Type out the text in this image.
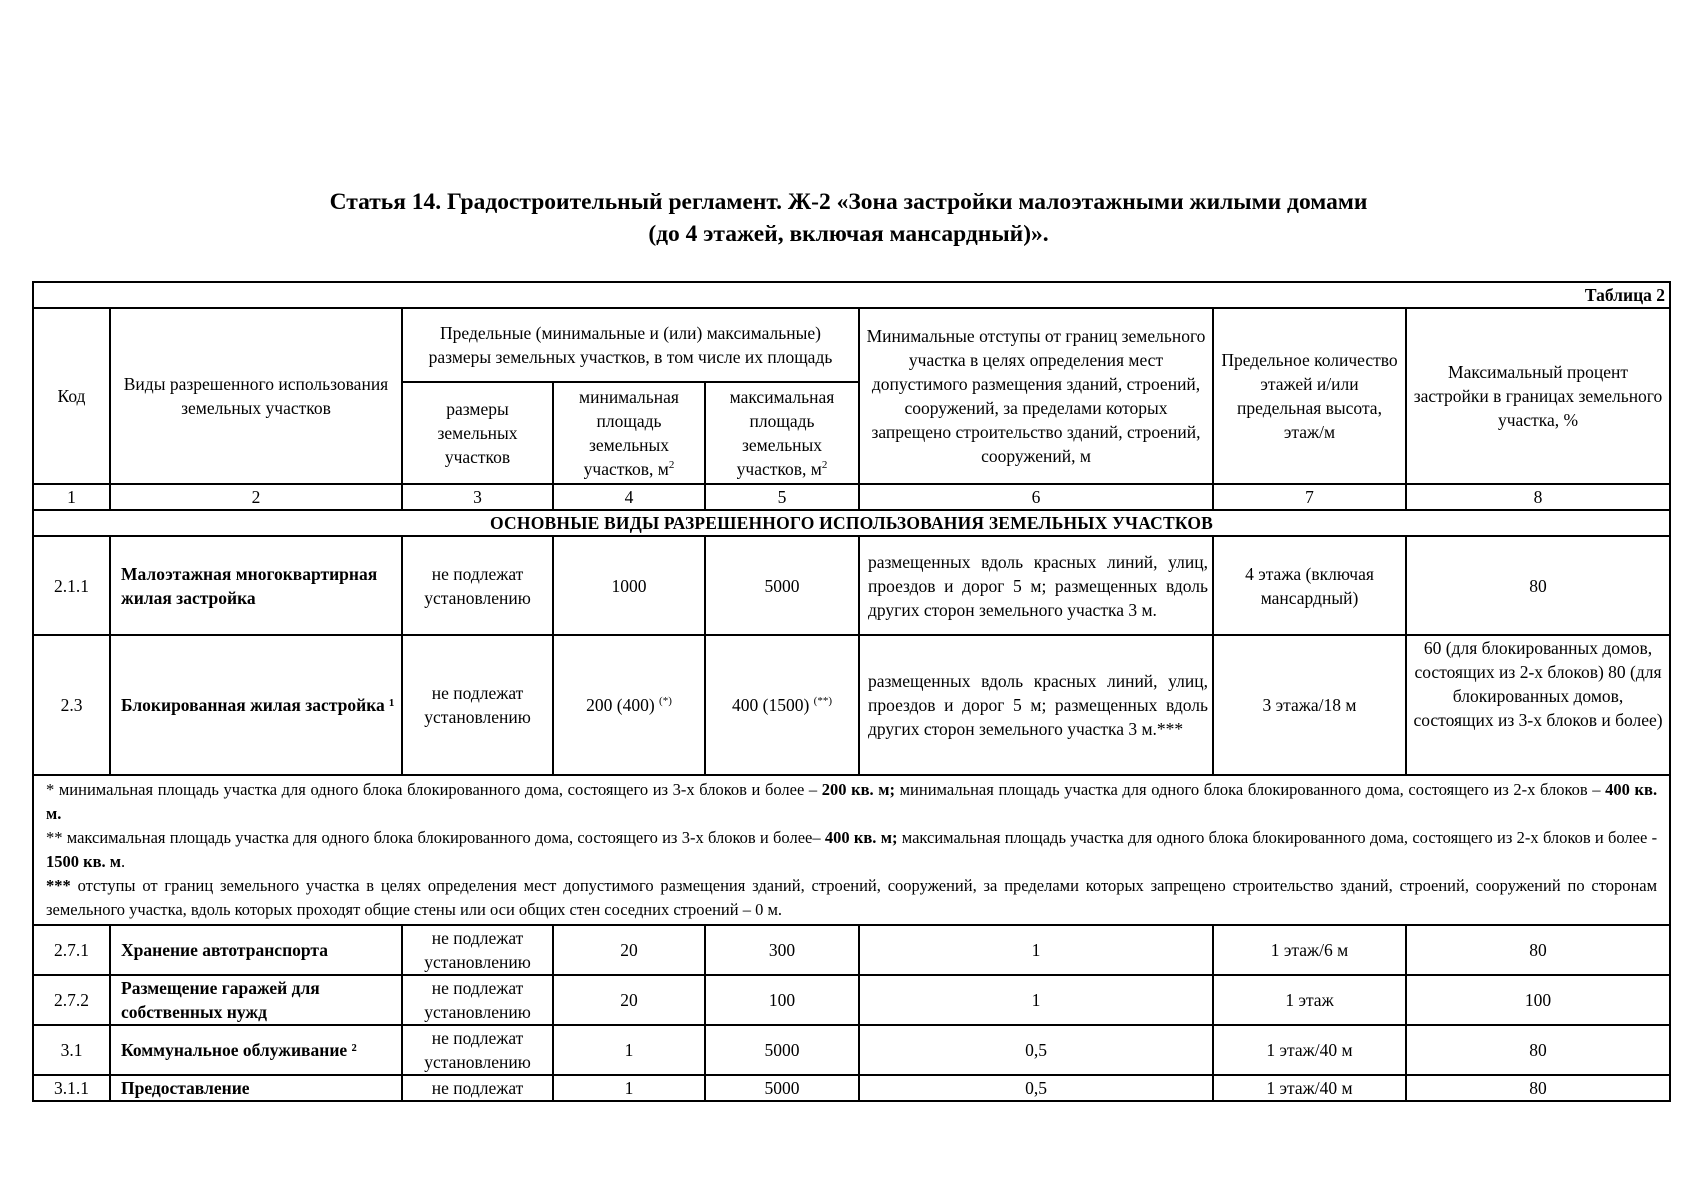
Статья 14. Градостроительный регламент. Ж-2 «Зона застройки малоэтажными жилыми домами
(до 4 этажей, включая мансардный)».
Таблица 2							
Код	Виды разрешенного использования земельных участков	Предельные (минимальные и (или) максимальные) размеры земельных участков, в том числе их площадь			Минимальные отступы от границ земельного участка в целях определения мест допустимого размещения зданий, строений, сооружений, за пределами которых запрещено строительство зданий, строений, сооружений, м	Предельное количество этажей и/или предельная высота, этаж/м	Максимальный процент застройки в границах земельного участка, %
		размеры земельных участков	минимальная площадь земельных участков, $м^2$	максимальная площадь земельных участков, $м^2$
1	2	3	4	5	6	7	8
ОСНОВНЫЕ ВИДЫ РАЗРЕШЕННОГО ИСПОЛЬЗОВАНИЯ ЗЕМЕЛЬНЫХ УЧАСТКОВ							
2.1.1	Малоэтажная многоквартирная жилая застройка	не подлежат установлению	1000	5000	размещенных вдоль красных линий, улиц, проездов и дорог 5 м; размещенных вдоль других сторон земельного участка 3 м.	4 этажа (включая мансардный)	80
2.3	Блокированная жилая застройка ¹	не подлежат установлению	200 (400) (*)	400 (1500) (**)	размещенных вдоль красных линий, улиц, проездов и дорог 5 м; размещенных вдоль других сторон земельного участка 3 м.***	3 этажа/18 м	60 (для блокированных домов, состоящих из 2-х блоков) 80 (для блокированных домов, состоящих из 3-х блоков и более)

* минимальная площадь участка для одного блока блокированного дома, состоящего из 3-х блоков и более – 200 кв. м; минимальная площадь участка для одного блока блокированного дома, состоящего из 2-х блоков – 400 кв. м.

** максимальная площадь участка для одного блока блокированного дома, состоящего из 3-х блоков и более– 400 кв. м; максимальная площадь участка для одного блока блокированного дома, состоящего из 2-х блоков и более - 1500 кв. м.

*** отступы от границ земельного участка в целях определения мест допустимого размещения зданий, строений, сооружений, за пределами которых запрещено строительство зданий, строений, сооружений по сторонам земельного участка, вдоль которых проходят общие стены или оси общих стен соседних строений – 0 м.							

2.7.1	Хранение автотранспорта	не подлежат установлению	20	300	1	1 этаж/6 м	80
2.7.2	Размещение гаражей для собственных нужд	не подлежат установлению	20	100	1	1 этаж	100
3.1	Коммунальное облуживание ²	не подлежат установлению	1	5000	0,5	1 этаж/40 м	80
3.1.1	Предоставление	не подлежат	1	5000	0,5	1 этаж/40 м	80
